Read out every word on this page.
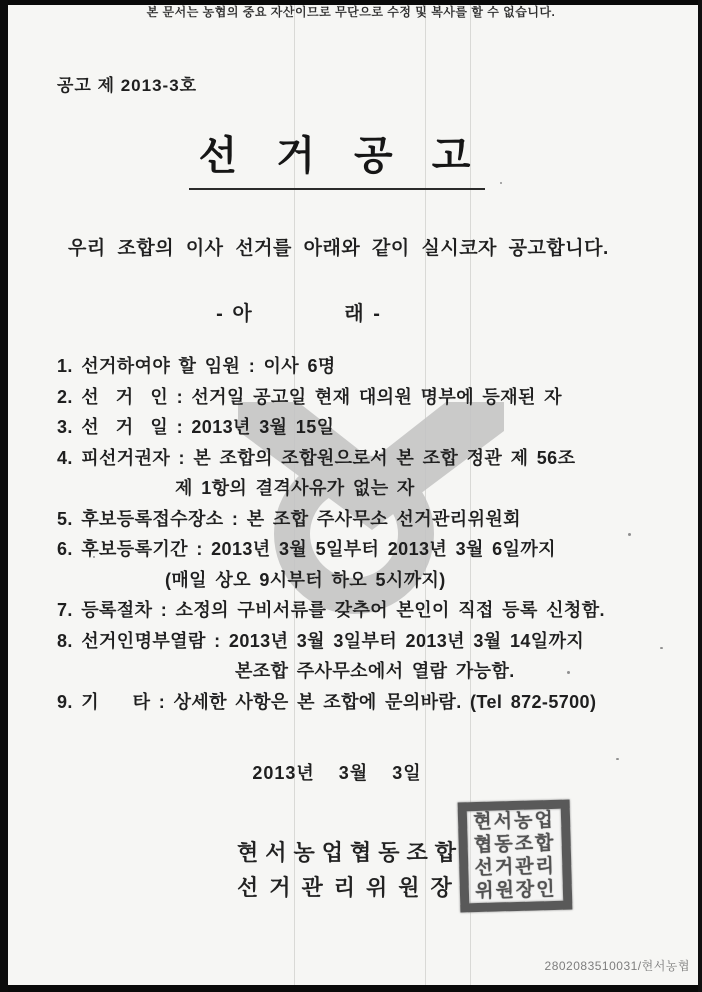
본 문서는 농협의 중요 자산이므로 무단으로 수정 및 복사를 할 수 없습니다.
공고 제 2013-3호
선 거 공 고
우리 조합의 이사 선거를 아래와 같이 실시코자 공고합니다.
- 아            래 -
1. 선거하여야 할 임원 : 이사 6명
2. 선  거  인 : 선거일 공고일 현재 대의원 명부에 등재된 자
3. 선  거  일 : 2013년 3월 15일
4. 피선거권자 : 본 조합의 조합원으로서 본 조합 정관 제 56조
제 1항의 결격사유가 없는 자
5. 후보등록접수장소 : 본 조합 주사무소 선거관리위원회
6. 후보등록기간 : 2013년 3월 5일부터 2013년 3월 6일까지
(매일 상오 9시부터 하오 5시까지)
7. 등록절차 : 소정의 구비서류를 갖추어 본인이 직접 등록 신청함.
8. 선거인명부열람 : 2013년 3월 3일부터 2013년 3월 14일까지
본조합 주사무소에서 열람 가능함.
9. 기    타 : 상세한 사항은 본 조합에 문의바람. (Tel 872-5700)
2013년    3월    3일
현서농업협동조합
선거관리위원장
현서농업
협동조합
선거관리
위원장인
2802083510031/현서농협
